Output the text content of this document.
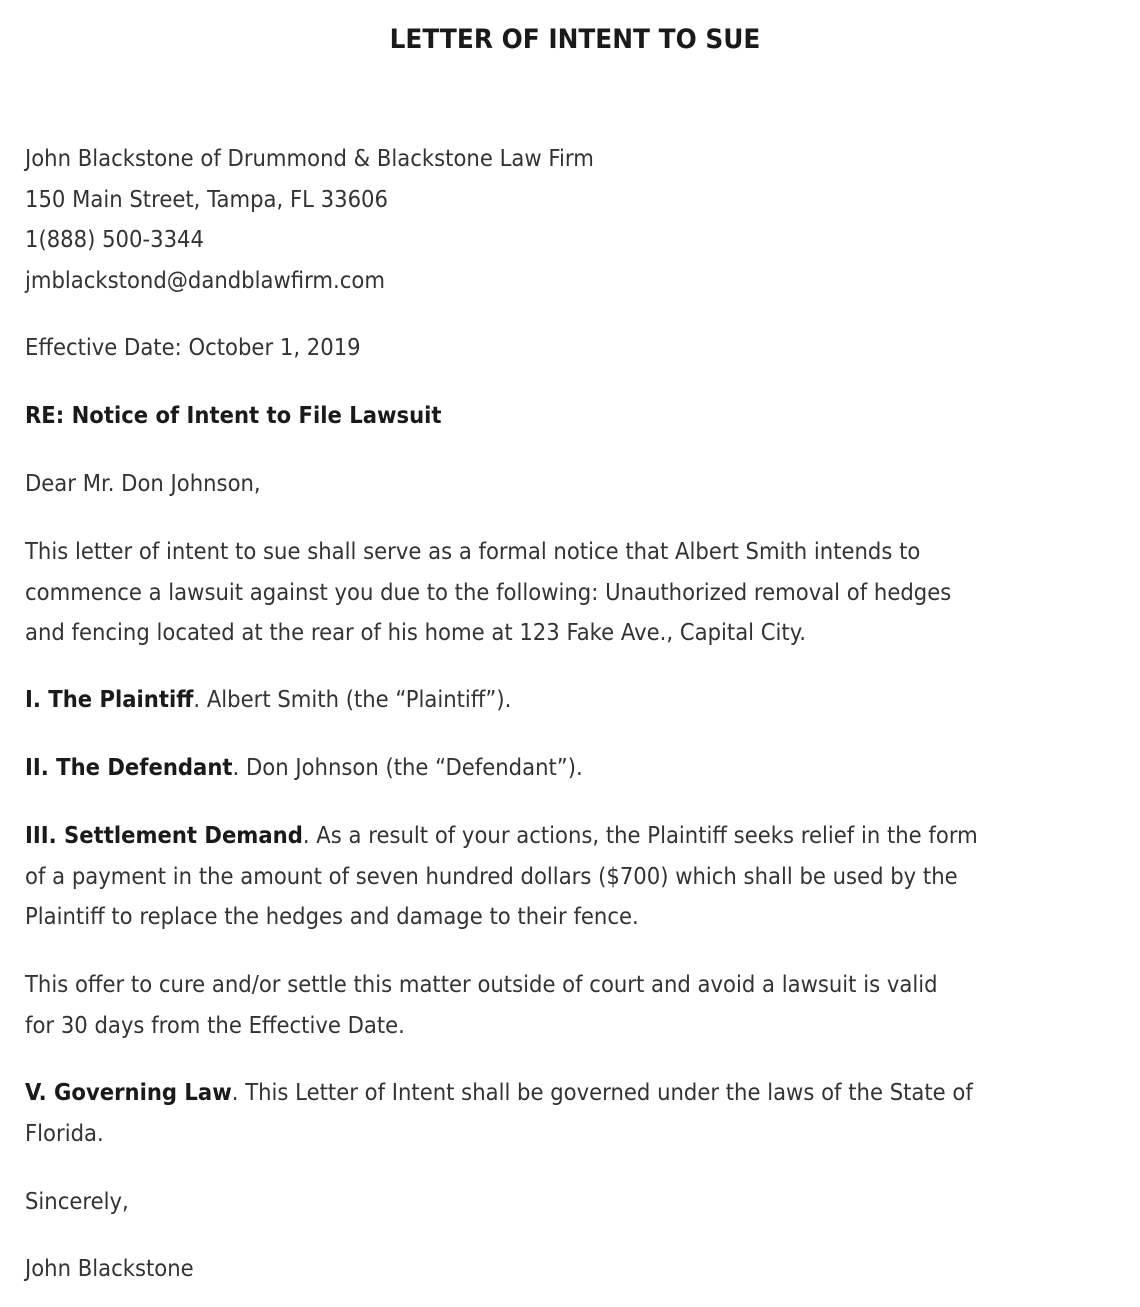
LETTER OF INTENT TO SUE
John Blackstone of Drummond & Blackstone Law Firm
150 Main Street, Tampa, FL 33606
1(888) 500-3344
jmblackstond@dandblawfirm.com
Effective Date: October 1, 2019
RE: Notice of Intent to File Lawsuit
Dear Mr. Don Johnson,
This letter of intent to sue shall serve as a formal notice that Albert Smith intends to
commence a lawsuit against you due to the following: Unauthorized removal of hedges
and fencing located at the rear of his home at 123 Fake Ave., Capital City.
I. The Plaintiff. Albert Smith (the “Plaintiff”).
II. The Defendant. Don Johnson (the “Defendant”).
III. Settlement Demand. As a result of your actions, the Plaintiff seeks relief in the form
of a payment in the amount of seven hundred dollars ($700) which shall be used by the
Plaintiff to replace the hedges and damage to their fence.
This offer to cure and/or settle this matter outside of court and avoid a lawsuit is valid
for 30 days from the Effective Date.
V. Governing Law. This Letter of Intent shall be governed under the laws of the State of
Florida.
Sincerely,
John Blackstone
